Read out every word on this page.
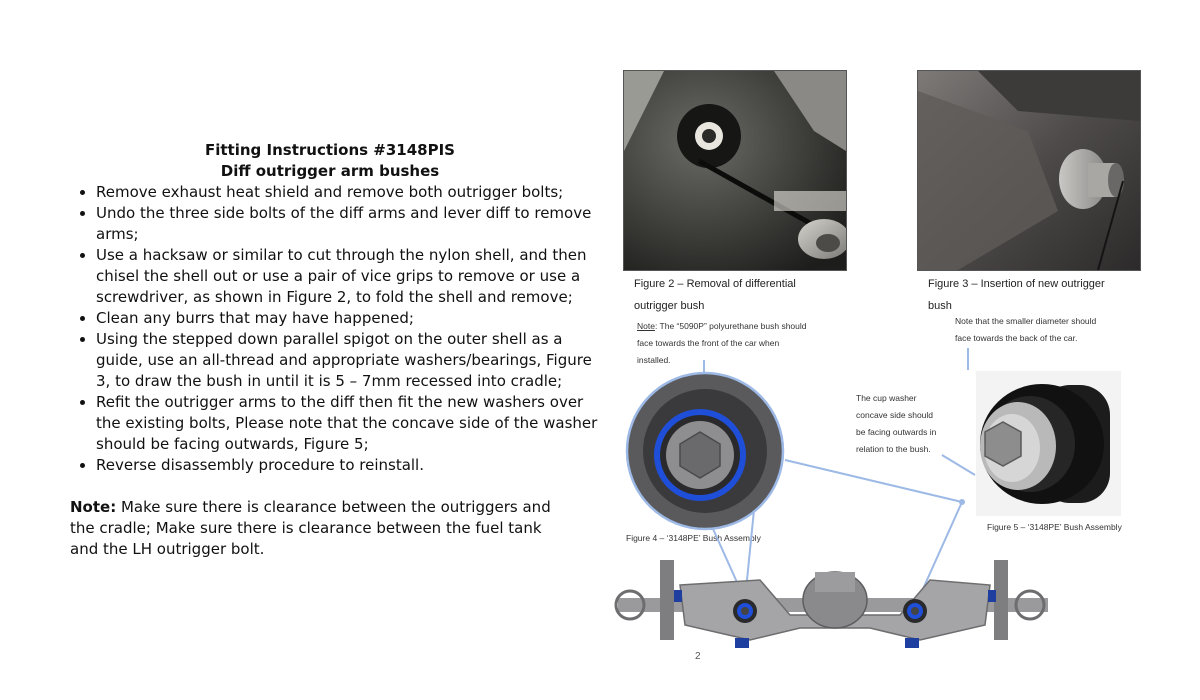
Fitting Instructions #3148PIS
Diff outrigger arm bushes
• Remove exhaust heat shield and remove both outrigger bolts;
• Undo the three side bolts of the diff arms and lever diff to remove arms;
• Use a hacksaw or similar to cut through the nylon shell, and then chisel the shell out or use a pair of vice grips to remove or use a screwdriver, as shown in Figure 2, to fold the shell and remove;
• Clean any burrs that may have happened;
• Using the stepped down parallel spigot on the outer shell as a guide, use an all-thread and appropriate washers/bearings, Figure 3, to draw the bush in until it is 5 – 7mm recessed into cradle;
• Refit the outrigger arms to the diff then fit the new washers over the existing bolts, Please note that the concave side of the washer should be facing outwards, Figure 5;
• Reverse disassembly procedure to reinstall.
Note: Make sure there is clearance between the outriggers and the cradle; Make sure there is clearance between the fuel tank and the LH outrigger bolt.
Figure 2 – Removal of differential
outrigger bush
Note: The “5090P” polyurethane bush should
face towards the front of the car when
installed.
Figure 3 – Insertion of new outrigger
bush
Note that the smaller diameter should
face towards the back of the car.
The cup washer
concave side should
be facing outwards in
relation to the bush.
Figure 4 – ‘3148PE’ Bush Assembly
Figure 5 – ‘3148PE’ Bush Assembly
2
